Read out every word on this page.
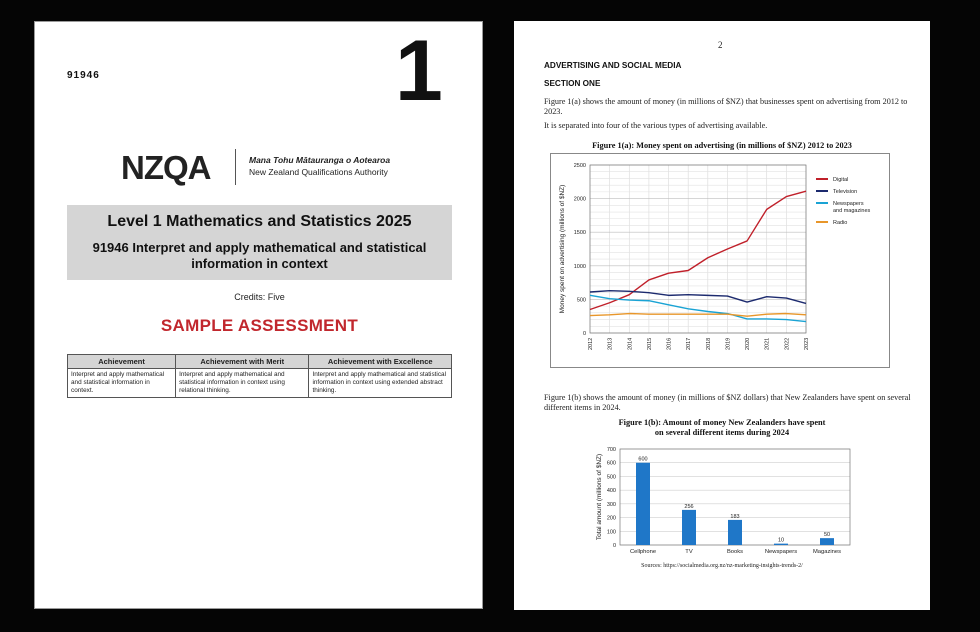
91946	1
NZQA	Mana Tohu Mātauranga o Aotearoa
New Zealand Qualifications Authority
Level 1 Mathematics and Statistics 2025
91946 Interpret and apply mathematical and statistical information in context
Credits: Five
SAMPLE ASSESSMENT
Achievement	Achievement with Merit	Achievement with Excellence
Interpret and apply mathematical and statistical information in context.	Interpret and apply mathematical and statistical information in context using relational thinking.	Interpret and apply mathematical and statistical information in context using extended abstract thinking.
2
ADVERTISING AND SOCIAL MEDIA
SECTION ONE
Figure 1(a) shows the amount of money (in millions of $NZ) that businesses spent on advertising from 2012 to 2023.
It is separated into four of the various types of advertising available.
Figure 1(a): Money spent on advertising (in millions of $NZ) 2012 to 2023
0
500
1000
1500
2000
2500
2012 2013 2014 2015 2016 2017 2018 2019 2020 2021 2022 2023
Money spent on advertising (millions of $NZ)
Digital
Television
Newspapers
and magazines
Radio
Figure 1(b) shows the amount of money (in millions of $NZ dollars) that New Zealanders have spent on several different items in 2024.
Figure 1(b): Amount of money New Zealanders have spent
on several different items during 2024
0
100
200
300
400
500
600
700
Total amount (millions of $NZ)	600
Cellphone
256
TV
183
Books
10
Newspapers
50
Magazines
Sources: https://socialmedia.org.nz/nz-marketing-insights-trends-2/
